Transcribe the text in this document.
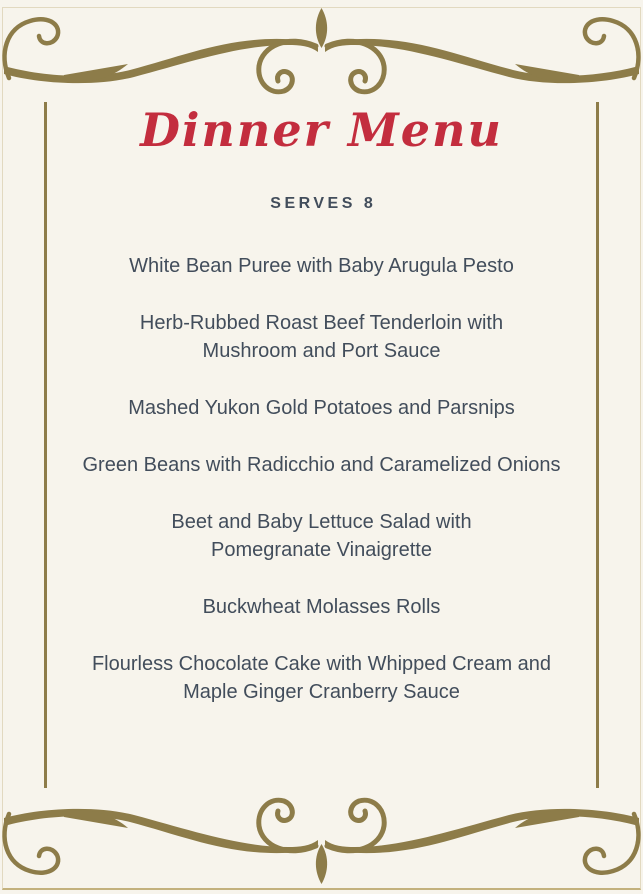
Dinner Menu
SERVES 8
White Bean Puree with Baby Arugula Pesto
Herb-Rubbed Roast Beef Tenderloin with
Mushroom and Port Sauce
Mashed Yukon Gold Potatoes and Parsnips
Green Beans with Radicchio and Caramelized Onions
Beet and Baby Lettuce Salad with
Pomegranate Vinaigrette
Buckwheat Molasses Rolls
Flourless Chocolate Cake with Whipped Cream and
Maple Ginger Cranberry Sauce
